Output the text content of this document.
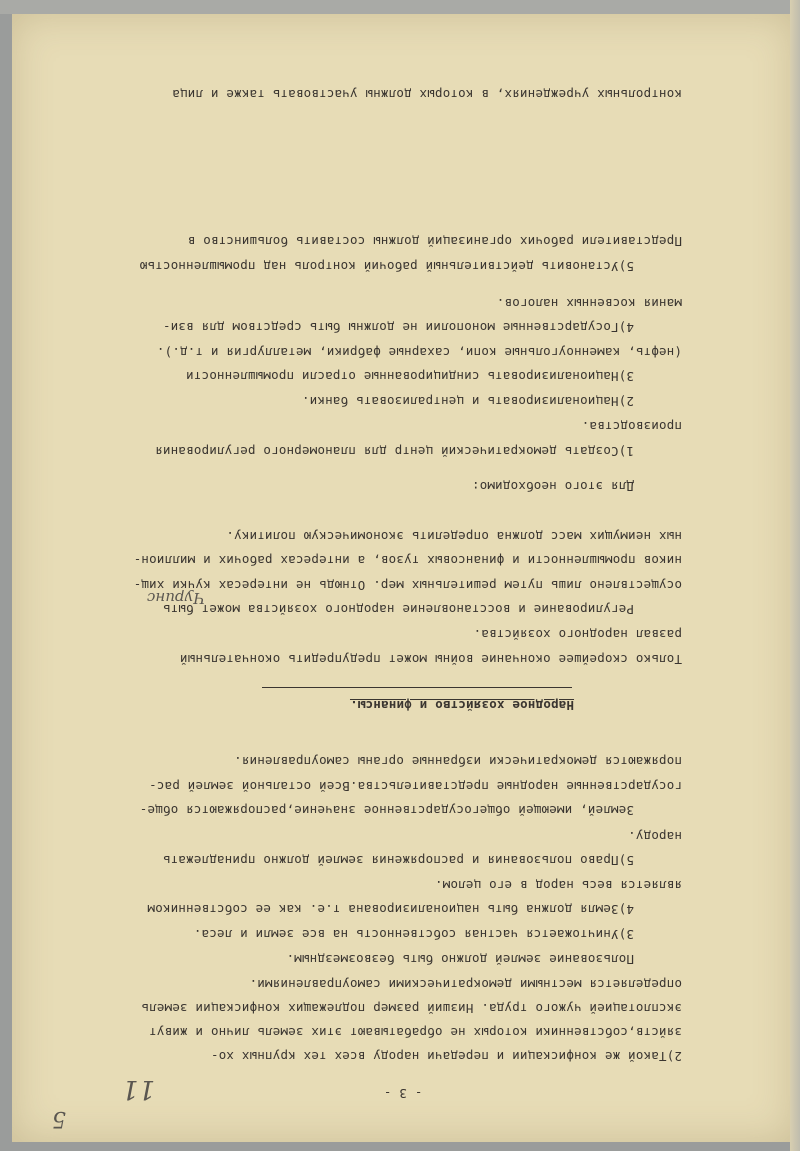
- 3 -
2)Такой же конфискации и передачи народу всех тех крупных хо-
зяйств,собственники которых не обрабатывают этих земель лично и живут
эксплотацией чужого труда. Низший размер подлежащих конфискации земель
определяется местными демократическими самоуправлениями.
Пользование землей должно быть безвозмездным.
3)Уничтожается частная собственность на все земли и леса.
4)Земля должна быть национализирована т.е. как ее собственником
является весь народ в его целом.
5)Право пользования и распоряжения землей должно принадлежать
народу.
Землей, имеющей общегосударственное значение,распоряжаются обще-
государственные народные представительства.Всей остальной землей рас-
поряжаются демократически избранные органы самоуправления.
Народное хозяйство и финансы.
Только скорейшее окончание войны может предупредить окончательный
развал народного хозяйства.
Регулирование и восстановление народного хозяйства может быть
осуществлено лишь путем решительных мер. Отнюдь не интересах кучки хищ-
ников промышленности и финансовых тузов, а интересах рабочих и миллион-
ных неимущих масс должна определить экономическую политику.
Для этого необходимо:
1)Создать демократический центр для планомерного регулирования
производства.
2)Национализировать и централизовать банки.
3)Национализировать синдицированные отрасли промышленности
(нефть, каменноугольные копи, сахарные фабрики, металлургия и т.д.).
4)Государственные монополии не должны быть средством для взи-
мания косвенных налогов.
5)Установить действительный рабочий контроль над промышленностью
Представители рабочих организаций должны составить большинство в
контрольных учреждениях, в которых должны участвовать также и лица
11
5
Чуринс
